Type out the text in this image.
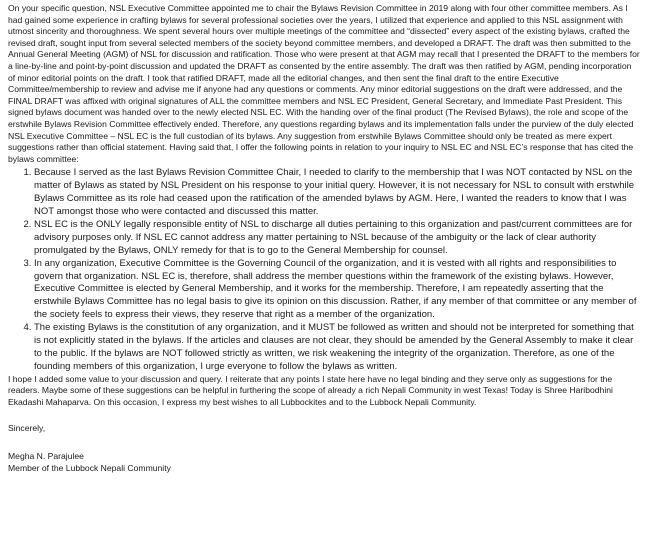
On your specific question, NSL Executive Committee appointed me to chair the Bylaws Revision Committee in 2019 along with four other committee members. As I had gained some experience in crafting bylaws for several professional societies over the years, I utilized that experience and applied to this NSL assignment with utmost sincerity and thoroughness. We spent several hours over multiple meetings of the committee and “dissected” every aspect of the existing bylaws, crafted the revised draft, sought input from several selected members of the society beyond committee members, and developed a DRAFT. The draft was then submitted to the Annual General Meeting (AGM) of NSL for discussion and ratification. Those who were present at that AGM may recall that I presented the DRAFT to the members for a line-by-line and point-by-point discussion and updated the DRAFT as consented by the entire assembly. The draft was then ratified by AGM, pending incorporation of minor editorial points on the draft. I took that ratified DRAFT, made all the editorial changes, and then sent the final draft to the entire Executive Committee/membership to review and advise me if anyone had any questions or comments. Any minor editorial suggestions on the draft were addressed, and the FINAL DRAFT was affixed with original signatures of ALL the committee members and NSL EC President, General Secretary, and Immediate Past President. This signed bylaws document was handed over to the newly elected NSL EC. With the handing over of the final product (The Revised Bylaws), the role and scope of the erstwhile Bylaws Revision Committee effectively ended. Therefore, any questions regarding bylaws and its implementation falls under the purview of the duly elected NSL Executive Committee – NSL EC is the full custodian of its bylaws. Any suggestion from erstwhile Bylaws Committee should only be treated as mere expert suggestions rather than official statement. Having said that, I offer the following points in relation to your inquiry to NSL EC and NSL EC’s response that has cited the bylaws committee:

1. Because I served as the last Bylaws Revision Committee Chair, I needed to clarify to the membership that I was NOT contacted by NSL on the matter of Bylaws as stated by NSL President on his response to your initial query. However, it is not necessary for NSL to consult with erstwhile Bylaws Committee as its role had ceased upon the ratification of the amended bylaws by AGM. Here, I wanted the readers to know that I was NOT amongst those who were contacted and discussed this matter.
2. NSL EC is the ONLY legally responsible entity of NSL to discharge all duties pertaining to this organization and past/current committees are for advisory purposes only. If NSL EC cannot address any matter pertaining to NSL because of the ambiguity or the lack of clear authority promulgated by the Bylaws, ONLY remedy for that is to go to the General Membership for counsel.
3. In any organization, Executive Committee is the Governing Council of the organization, and it is vested with all rights and responsibilities to govern that organization. NSL EC is, therefore, shall address the member questions within the framework of the existing bylaws. However, Executive Committee is elected by General Membership, and it works for the membership. Therefore, I am repeatedly asserting that the erstwhile Bylaws Committee has no legal basis to give its opinion on this discussion. Rather, if any member of that committee or any member of the society feels to express their views, they reserve that right as a member of the organization.
4. The existing Bylaws is the constitution of any organization, and it MUST be followed as written and should not be interpreted for something that is not explicitly stated in the bylaws. If the articles and clauses are not clear, they should be amended by the General Assembly to make it clear to the public. If the bylaws are NOT followed strictly as written, we risk weakening the integrity of the organization. Therefore, as one of the founding members of this organization, I urge everyone to follow the bylaws as written.

I hope I added some value to your discussion and query. I reiterate that any points I state here have no legal binding and they serve only as suggestions for the readers. Maybe some of these suggestions can be helpful in furthering the scope of already a rich Nepali Community in west Texas! Today is Shree Haribodhini Ekadashi Mahaparva. On this occasion, I express my best wishes to all Lubbockites and to the Lubbock Nepali Community.

Sincerely,

Megha N. Parajulee

Member of the Lubbock Nepali Community
